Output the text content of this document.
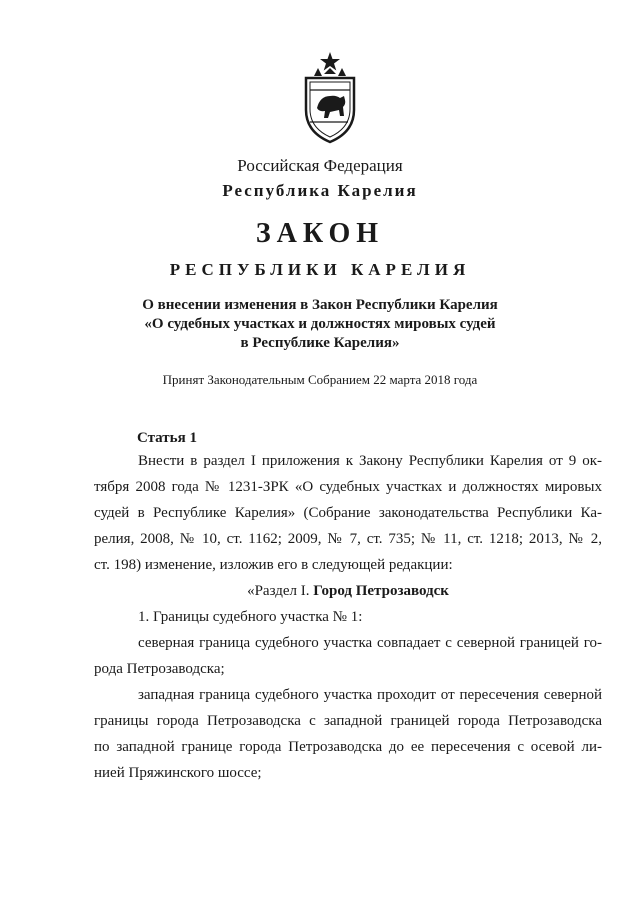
Российская Федерация
Республика Карелия
ЗАКОН
РЕСПУБЛИКИ КАРЕЛИЯ
О внесении изменения в Закон Республики Карелия
«О судебных участках и должностях мировых судей
в Республике Карелия»
Принят Законодательным Собранием 22 марта 2018 года
Статья 1
Внести в раздел I приложения к Закону Республики Карелия от 9 ок-
тября 2008 года № 1231-ЗРК «О судебных участках и должностях мировых
судей в Республике Карелия» (Собрание законодательства Республики Ка-
релия, 2008, № 10, ст. 1162; 2009, № 7, ст. 735; № 11, ст. 1218; 2013, № 2,
ст. 198) изменение, изложив его в следующей редакции:
«Раздел I. Город Петрозаводск
1. Границы судебного участка № 1:
северная граница судебного участка совпадает с северной границей го-
рода Петрозаводска;
западная граница судебного участка проходит от пересечения северной
границы города Петрозаводска с западной границей города Петрозаводска
по западной границе города Петрозаводска до ее пересечения с осевой ли-
нией Пряжинского шоссе;
